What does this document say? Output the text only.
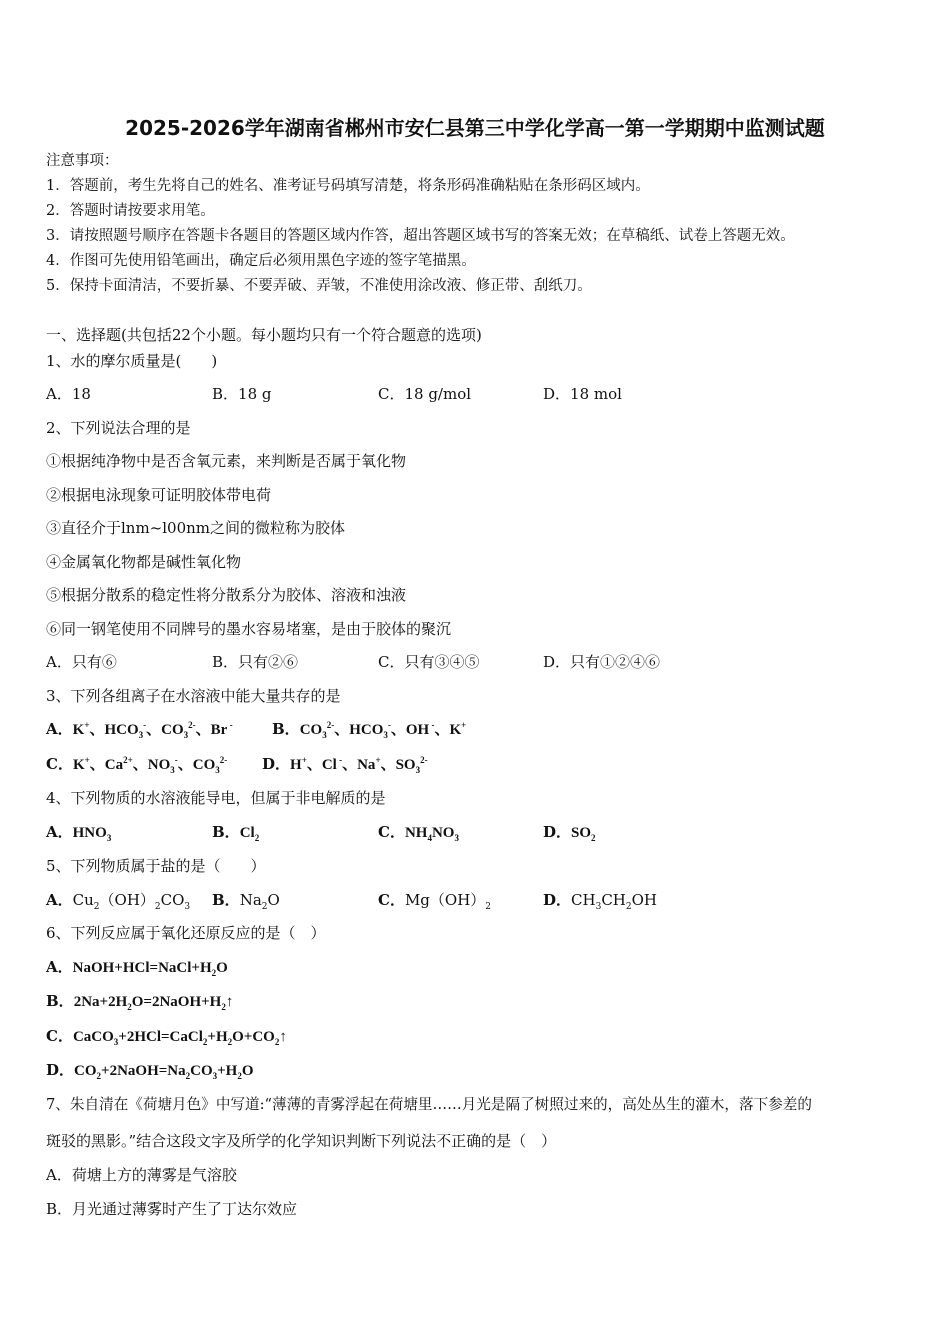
2025-2026学年湖南省郴州市安仁县第三中学化学高一第一学期期中监测试题
注意事项：
1．答题前，考生先将自己的姓名、准考证号码填写清楚，将条形码准确粘贴在条形码区域内。
2．答题时请按要求用笔。
3．请按照题号顺序在答题卡各题目的答题区域内作答，超出答题区域书写的答案无效；在草稿纸、试卷上答题无效。
4．作图可先使用铅笔画出，确定后必须用黑色字迹的签字笔描黑。
5．保持卡面清洁，不要折暴、不要弄破、弄皱，不准使用涂改液、修正带、刮纸刀。
一、选择题(共包括22个小题。每小题均只有一个符合题意的选项)
1、水的摩尔质量是(　　)
A．18	B．18 g	C．18 g/mol	D．18 mol
2、下列说法合理的是
①根据纯净物中是否含氧元素，来判断是否属于氧化物
②根据电泳现象可证明胶体带电荷
③直径介于lnm~l00nm之间的微粒称为胶体
④金属氧化物都是碱性氧化物
⑤根据分散系的稳定性将分散系分为胶体、溶液和浊液
⑥同一钢笔使用不同牌号的墨水容易堵塞，是由于胶体的聚沉
A．只有⑥	B．只有②⑥	C．只有③④⑤	D．只有①②④⑥
3、下列各组离子在水溶液中能大量共存的是
A．K+、$HCO_3^-$、$CO_3^{2-}$、Br -	B．$CO_3^{2-}$、$HCO_3^-$、OH -、K+
C．K+、$Ca^{2+}$、$NO_3^-$、$CO_3^{2-}$ D．H+、Cl -、Na+、$SO_3^{2-}$
4、下列物质的水溶液能导电，但属于非电解质的是
A．$HNO_3$	B．$Cl_2$	C．$NH_4NO_3$	D．$SO_2$
5、下列物质属于盐的是（　　）
A．$Cu_2(OH)_2CO_3$ B．$Na_2O$	C．$Mg(OH)_2$	D．$CH_3CH_2OH$
6、下列反应属于氧化还原反应的是（　）
A．$NaOH+HCl=NaCl+H_2O$
B．$2Na+2H_2O=2NaOH+H_2↑$
C．$CaCO_3+2HCl=CaCl_2+H_2O+CO_2↑$
D．$CO_2+2NaOH=Na_2CO_3+H_2O$
7、朱自清在《荷塘月色》中写道:“薄薄的青雾浮起在荷塘里……月光是隔了树照过来的，高处丛生的灌木，落下参差的
斑驳的黑影。”结合这段文字及所学的化学知识判断下列说法不正确的是（　）
A．荷塘上方的薄雾是气溶胶
B．月光通过薄雾时产生了丁达尔效应
